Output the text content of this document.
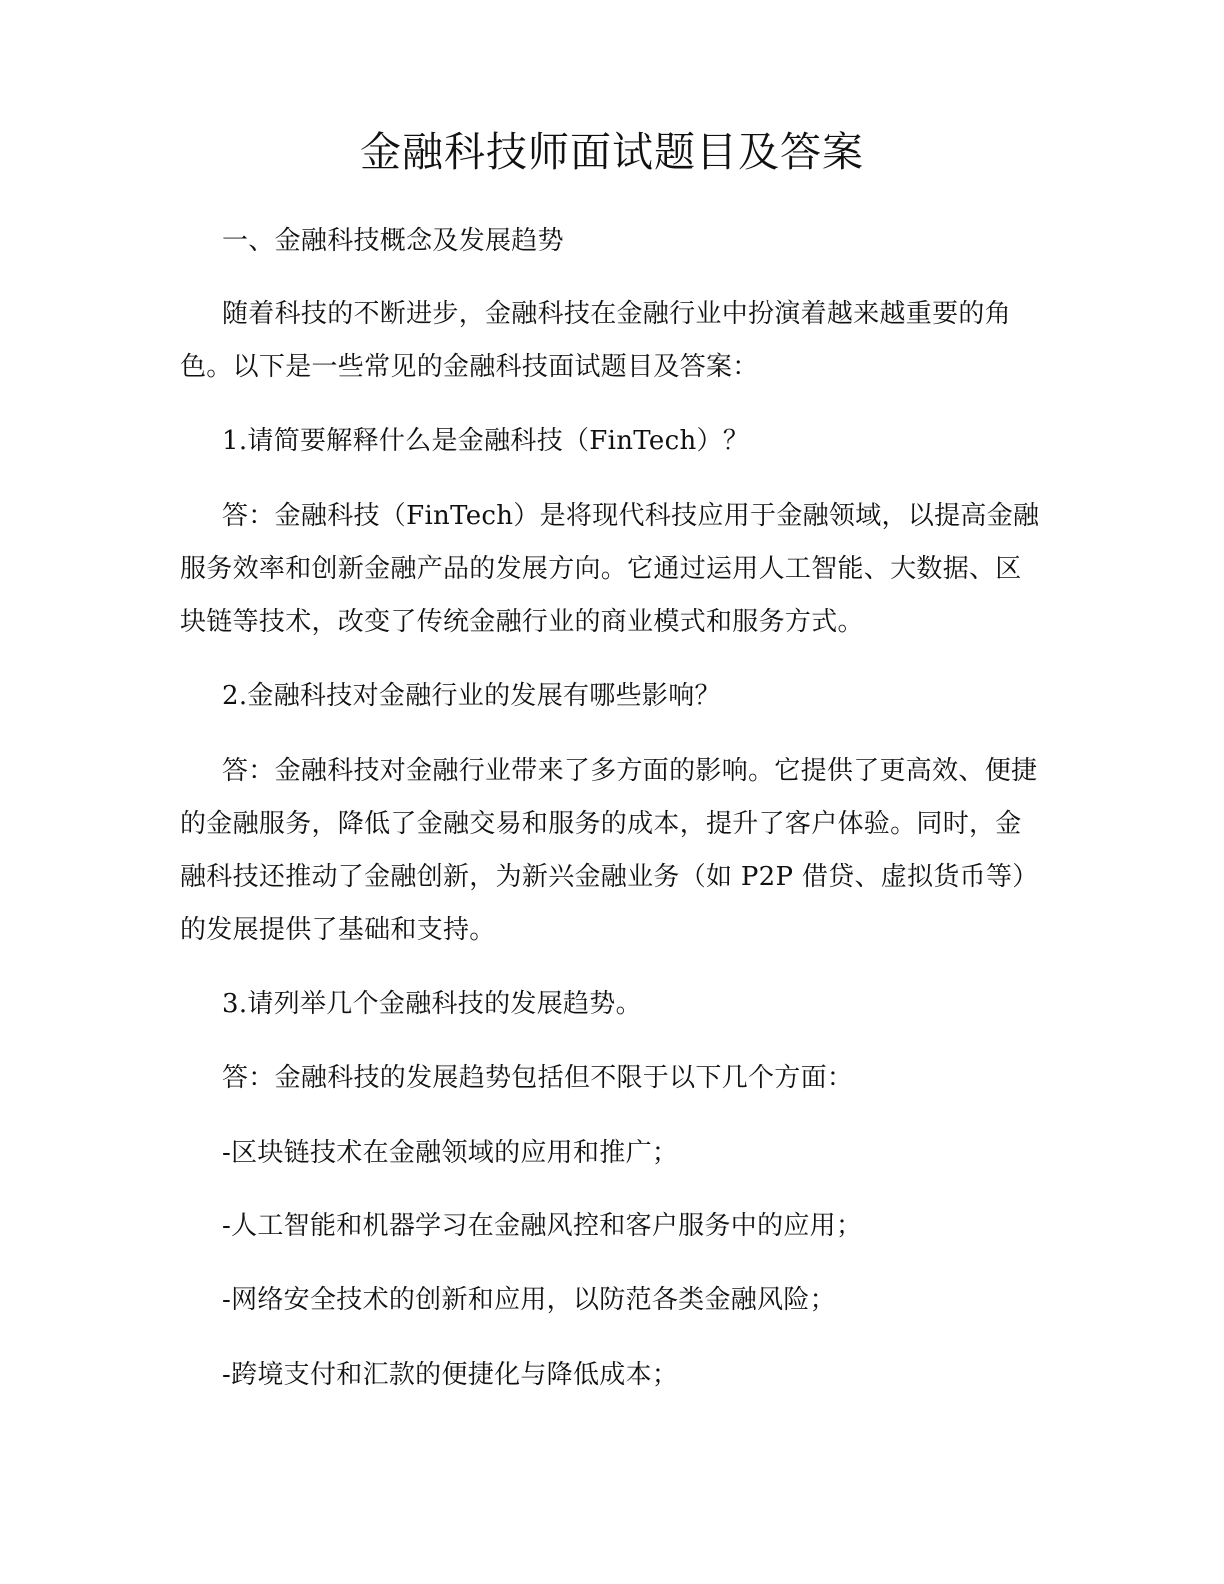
金融科技师面试题目及答案

一、金融科技概念及发展趋势

随着科技的不断进步，金融科技在金融行业中扮演着越来越重要的角色。以下是一些常见的金融科技面试题目及答案：

1.请简要解释什么是金融科技（FinTech）？

答：金融科技（FinTech）是将现代科技应用于金融领域，以提高金融服务效率和创新金融产品的发展方向。它通过运用人工智能、大数据、区块链等技术，改变了传统金融行业的商业模式和服务方式。

2.金融科技对金融行业的发展有哪些影响？

答：金融科技对金融行业带来了多方面的影响。它提供了更高效、便捷的金融服务，降低了金融交易和服务的成本，提升了客户体验。同时，金融科技还推动了金融创新，为新兴金融业务（如 P2P 借贷、虚拟货币等）的发展提供了基础和支持。

3.请列举几个金融科技的发展趋势。

答：金融科技的发展趋势包括但不限于以下几个方面：

-区块链技术在金融领域的应用和推广；

-人工智能和机器学习在金融风控和客户服务中的应用；

-网络安全技术的创新和应用，以防范各类金融风险；

-跨境支付和汇款的便捷化与降低成本；
